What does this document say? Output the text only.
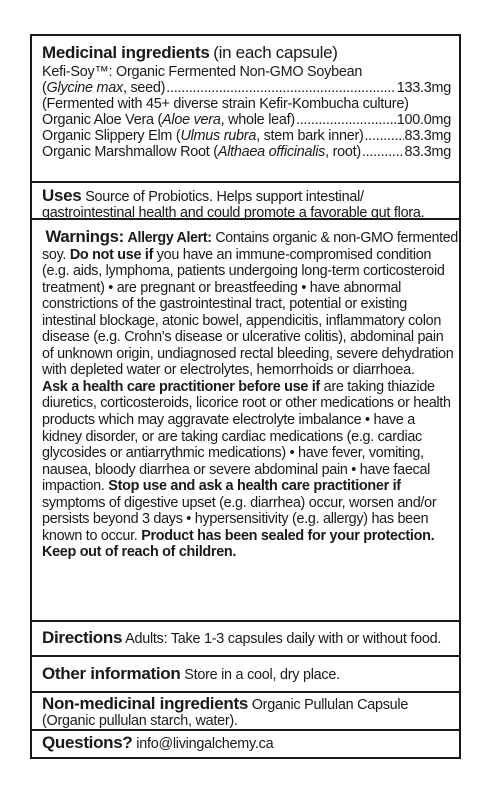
Medicinal ingredients (in each capsule)
Kefi-Soy™: Organic Fermented Non-GMO Soybean
(Glycine max, seed) .....	133.3mg
(Fermented with 45+ diverse strain Kefir-Kombucha culture)
Organic Aloe Vera (Aloe vera, whole leaf) .....	100.0mg
Organic Slippery Elm (Ulmus rubra, stem bark inner) .....	83.3mg
Organic Marshmallow Root (Althaea officinalis, root) .....	83.3mg
Uses Source of Probiotics. Helps support intestinal/
gastrointestinal health and could promote a favorable gut flora.
Warnings: Allergy Alert: Contains organic & non-GMO fermented
soy. Do not use if you have an immune-compromised condition
(e.g. aids, lymphoma, patients undergoing long-term corticosteroid
treatment) • are pregnant or breastfeeding • have abnormal
constrictions of the gastrointestinal tract, potential or existing
intestinal blockage, atonic bowel, appendicitis, inflammatory colon
disease (e.g. Crohn's disease or ulcerative colitis), abdominal pain
of unknown origin, undiagnosed rectal bleeding, severe dehydration
with depleted water or electrolytes, hemorrhoids or diarrhoea.
Ask a health care practitioner before use if are taking thiazide
diuretics, corticosteroids, licorice root or other medications or health
products which may aggravate electrolyte imbalance • have a
kidney disorder, or are taking cardiac medications (e.g. cardiac
glycosides or antiarrythmic medications) • have fever, vomiting,
nausea, bloody diarrhea or severe abdominal pain • have faecal
impaction. Stop use and ask a health care practitioner if
symptoms of digestive upset (e.g. diarrhea) occur, worsen and/or
persists beyond 3 days • hypersensitivity (e.g. allergy) has been
known to occur. Product has been sealed for your protection.
Keep out of reach of children.
Directions Adults: Take 1-3 capsules daily with or without food.
Other information Store in a cool, dry place.
Non-medicinal ingredients Organic Pullulan Capsule
(Organic pullulan starch, water).
Questions? info@livingalchemy.ca
